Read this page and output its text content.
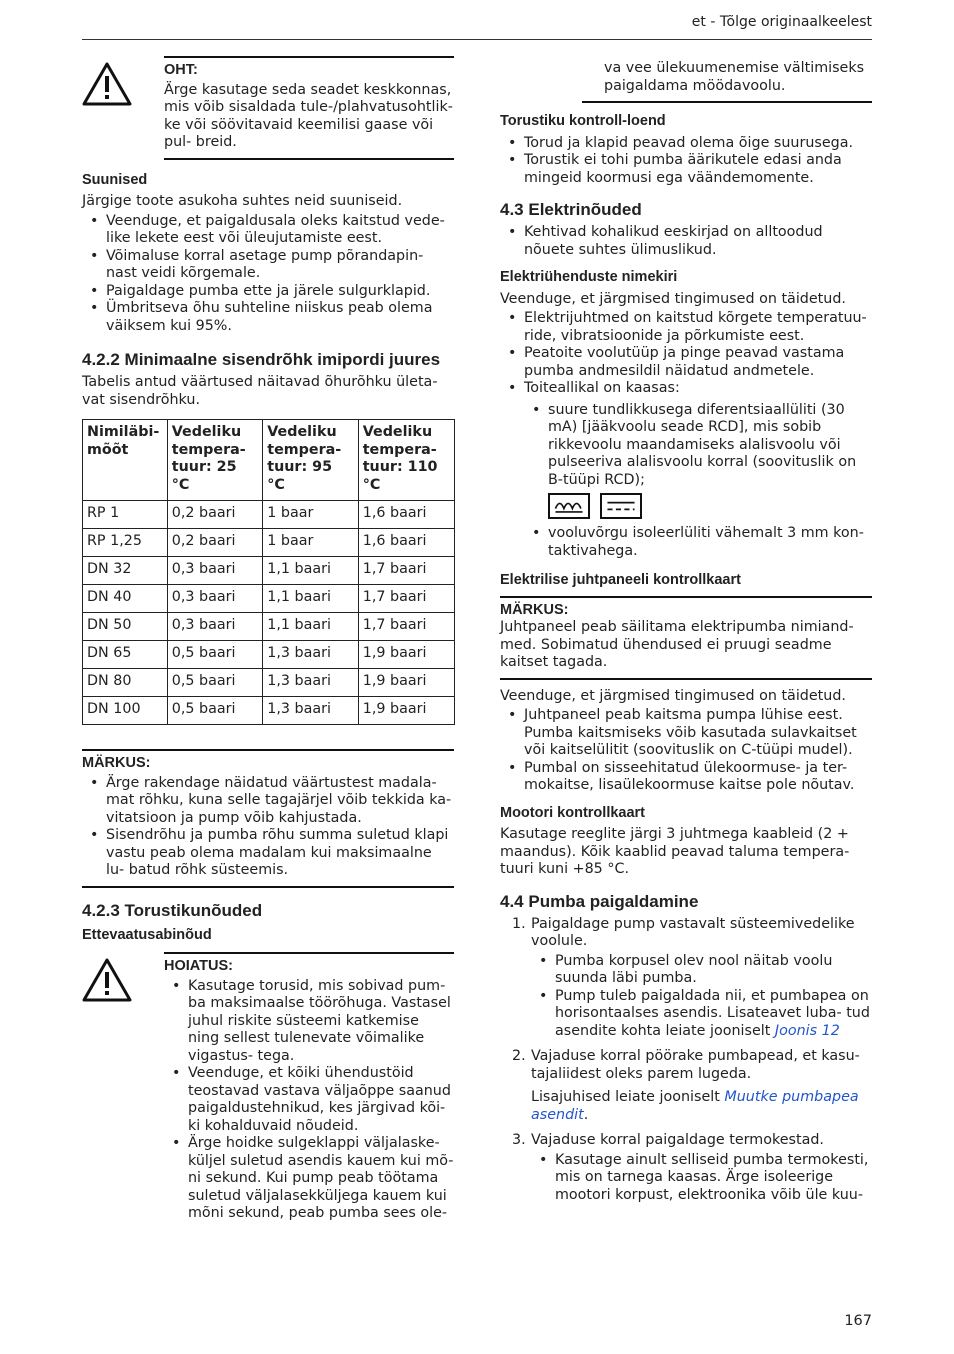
et - Tõlge originaalkeelest
OHT:

Ärge kasutage seda seadet keskkonnas, mis võib sisaldada tule-/plahvatusohtlik- ke või söövitavaid keemilisi gaase või pul- breid.

Suunised

Järgige toote asukoha suhtes neid suuniseid.

• Veenduge, et paigaldusala oleks kaitstud vede- like lekete eest või üleujutamiste eest.
• Võimaluse korral asetage pump põrandapin- nast veidi kõrgemale.
• Paigaldage pumba ette ja järele sulgurklapid.
• Ümbritseva õhu suhteline niiskus peab olema väiksem kui 95%.
4.2.2 Minimaalne sisendrõhk imipordi juures

Tabelis antud väärtused näitavad õhurõhku ületa- vat sisendrõhku.

Nimiläbi- mõõt	Vedeliku tempera- tuur: 25 °C	Vedeliku tempera- tuur: 95 °C	Vedeliku tempera- tuur: 110 °C
RP 1	0,2 baari	1 baar	1,6 baari
RP 1,25	0,2 baari	1 baar	1,6 baari
DN 32	0,3 baari	1,1 baari	1,7 baari
DN 40	0,3 baari	1,1 baari	1,7 baari
DN 50	0,3 baari	1,1 baari	1,7 baari
DN 65	0,5 baari	1,3 baari	1,9 baari
DN 80	0,5 baari	1,3 baari	1,9 baari
DN 100	0,5 baari	1,3 baari	1,9 baari
MÄRKUS:
• Ärge rakendage näidatud väärtustest madala- mat rõhku, kuna selle tagajärjel võib tekkida ka- vitatsioon ja pump võib kahjustada.
• Sisendrõhu ja pumba rõhu summa suletud klapi vastu peab olema madalam kui maksimaalne lu- batud rõhk süsteemis.
4.2.3 Torustikunõuded
Ettevaatusabinõud
HOIATUS:
• Kasutage torusid, mis sobivad pum- ba maksimaalse töörõhuga. Vastasel juhul riskite süsteemi katkemise ning sellest tulenevate võimalike vigastus- tega.
• Veenduge, et kõiki ühendustöid teostavad vastava väljaõppe saanud paigaldustehnikud, kes järgivad kõi- ki kohalduvaid nõudeid.
• Ärge hoidke sulgeklappi väljalaske- küljel suletud asendis kauem kui mõ- ni sekund. Kui pump peab töötama suletud väljalasekküljega kauem kui mõni sekund, peab pumba sees ole-

va vee ülekuumenemise vältimiseks paigaldama möödavoolu.

Torustiku kontroll-loend
• Torud ja klapid peavad olema õige suurusega.
• Torustik ei tohi pumba äärikutele edasi anda mingeid koormusi ega väändemomente.
4.3 Elektrinõuded
• Kehtivad kohalikud eeskirjad on alltoodud nõuete suhtes ülimuslikud.
Elektriühenduste nimekiri

Veenduge, et järgmised tingimused on täidetud.

• Elektrijuhtmed on kaitstud kõrgete temperatuu- ride, vibratsioonide ja põrkumiste eest.
• Peatoite voolutüüp ja pinge peavad vastama pumba andmesildil näidatud andmetele.
• Toiteallikal on kaasas:
• suure tundlikkusega diferentsiaallüliti (30 mA) [jääkvoolu seade RCD], mis sobib rikkevoolu maandamiseks alalisvoolu või pulseeriva alalisvoolu korral (soovituslik on B-tüüpi RCD);
• vooluvõrgu isoleerlüliti vähemalt 3 mm kon- taktivahega.
Elektrilise juhtpaneeli kontrollkaart
MÄRKUS:

Juhtpaneel peab säilitama elektripumba nimiand- med. Sobimatud ühendused ei pruugi seadme kaitset tagada.

Veenduge, et järgmised tingimused on täidetud.

• Juhtpaneel peab kaitsma pumpa lühise eest. Pumba kaitsmiseks võib kasutada sulavkaitset või kaitselülitit (soovituslik on C-tüüpi mudel).
• Pumbal on sisseehitatud ülekoormuse- ja ter- mokaitse, lisaülekoormuse kaitse pole nõutav.
Mootori kontrollkaart

Kasutage reeglite järgi 3 juhtmega kaableid (2 + maandus). Kõik kaablid peavad taluma tempera- tuuri kuni +85 °C.

4.4 Pumba paigaldamine
1. Paigaldage pump vastavalt süsteemivedelike voolule.
• Pumba korpusel olev nool näitab voolu suunda läbi pumba.
• Pump tuleb paigaldada nii, et pumbapea on horisontaalses asendis. Lisateavet luba- tud asendite kohta leiate jooniselt Joonis 12
2. Vajaduse korral pöörake pumbapead, et kasu- tajaliidest oleks parem lugeda.

Lisajuhised leiate jooniselt Muutke pumbapea asendit.

3. Vajaduse korral paigaldage termokestad.
• Kasutage ainult selliseid pumba termokesti, mis on tarnega kaasas. Ärge isoleerige mootori korpust, elektroonika võib üle kuu-
167
